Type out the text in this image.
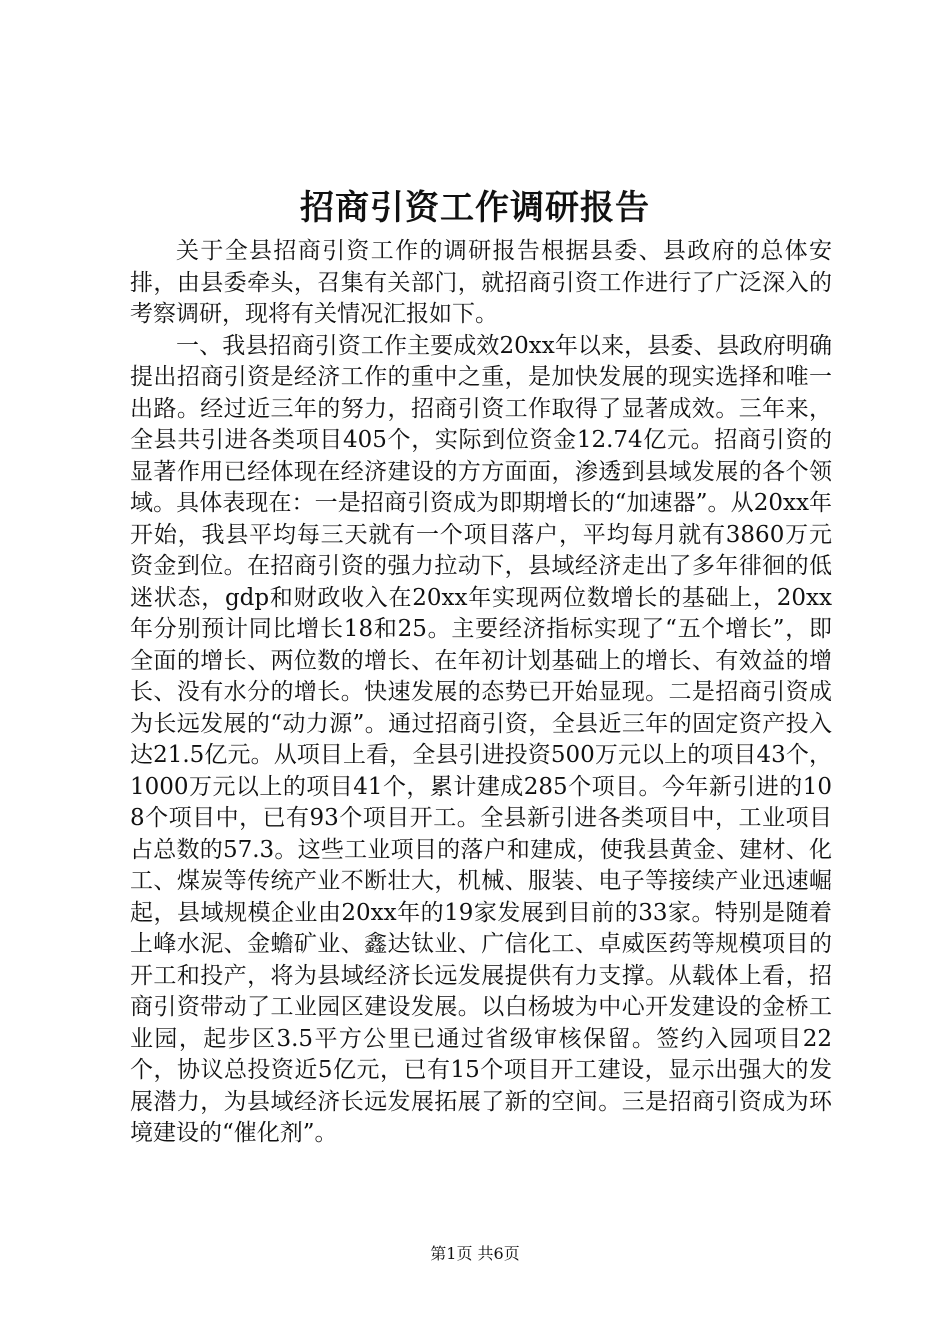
招商引资工作调研报告

关于全县招商引资工作的调研报告根据县委、县政府的总体安排，由县委牵头，召集有关部门，就招商引资工作进行了广泛深入的考察调研，现将有关情况汇报如下。

一、我县招商引资工作主要成效20xx年以来，县委、县政府明确提出招商引资是经济工作的重中之重，是加快发展的现实选择和唯一出路。经过近三年的努力，招商引资工作取得了显著成效。三年来，全县共引进各类项目405个，实际到位资金12.74亿元。招商引资的显著作用已经体现在经济建设的方方面面，渗透到县域发展的各个领域。具体表现在：一是招商引资成为即期增长的“加速器”。从20xx年开始，我县平均每三天就有一个项目落户，平均每月就有3860万元资金到位。在招商引资的强力拉动下，县域经济走出了多年徘徊的低迷状态，gdp和财政收入在20xx年实现两位数增长的基础上，20xx年分别预计同比增长18和25。主要经济指标实现了“五个增长”，即全面的增长、两位数的增长、在年初计划基础上的增长、有效益的增长、没有水分的增长。快速发展的态势已开始显现。二是招商引资成为长远发展的“动力源”。通过招商引资，全县近三年的固定资产投入达21.5亿元。从项目上看，全县引进投资500万元以上的项目43个，1000万元以上的项目41个，累计建成285个项目。今年新引进的108个项目中，已有93个项目开工。全县新引进各类项目中，工业项目占总数的57.3。这些工业项目的落户和建成，使我县黄金、建材、化工、煤炭等传统产业不断壮大，机械、服装、电子等接续产业迅速崛起，县域规模企业由20xx年的19家发展到目前的33家。特别是随着上峰水泥、金蟾矿业、鑫达钛业、广信化工、卓威医药等规模项目的开工和投产，将为县域经济长远发展提供有力支撑。从载体上看，招商引资带动了工业园区建设发展。以白杨坡为中心开发建设的金桥工业园，起步区3.5平方公里已通过省级审核保留。签约入园项目22个，协议总投资近5亿元，已有15个项目开工建设，显示出强大的发展潜力，为县域经济长远发展拓展了新的空间。三是招商引资成为环境建设的“催化剂”。

第1页 共6页
